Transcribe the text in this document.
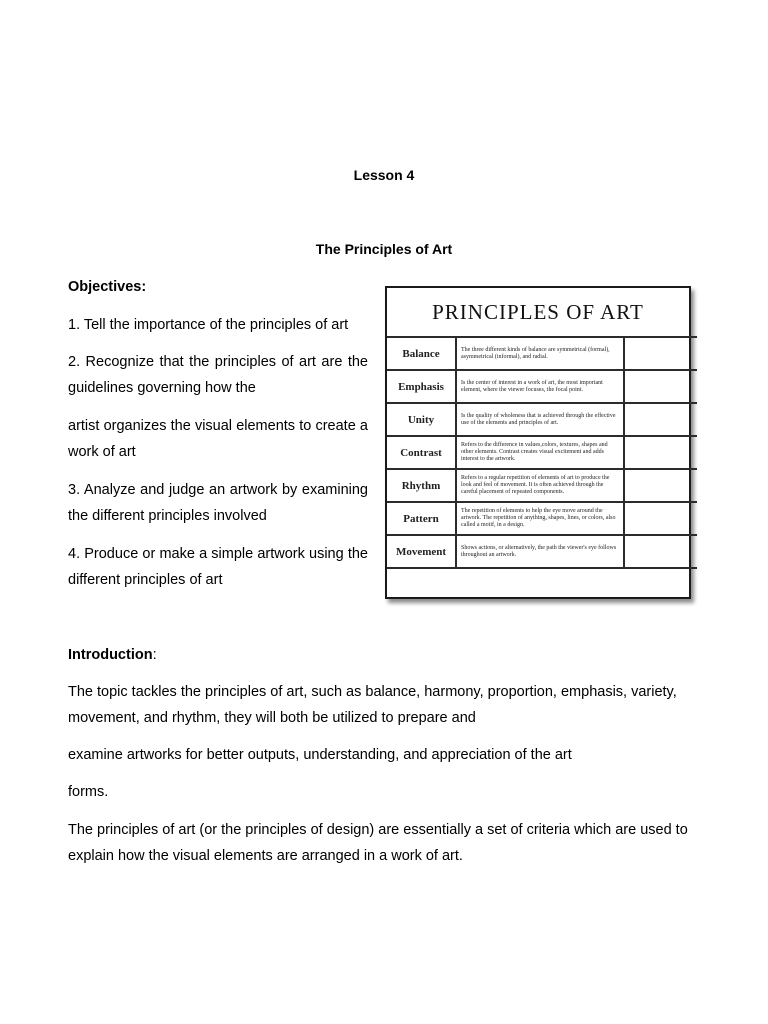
Lesson 4
The Principles of Art
Objectives:
1. Tell the importance of the principles of art
2. Recognize that the principles of art are the guidelines governing how the
artist organizes the visual elements to create a work of art
3. Analyze and judge an artwork by examining the different principles involved
4. Produce or make a simple artwork using the different principles of art
PRINCIPLES OF ART
Balance	The three different kinds of balance are symmetrical (formal), asymmetrical (informal), and radial.	
Emphasis	Is the center of interest in a work of art, the most important element, where the viewer focuses, the focal point.	
Unity	Is the quality of wholeness that is achieved through the effective use of the elements and principles of art.	
Contrast	Refers to the difference in values,colors, textures, shapes and other elements. Contrast creates visual excitement and adds interest to the artwork.	
Rhythm	Refers to a regular repetition of elements of art to produce the look and feel of movement. It is often achieved through the careful placement of repeated components.	
Pattern	The repetition of elements to help the eye move around the artwork. The repetition of anything, shapes, lines, or colors, also called a motif, in a design.	
Movement	Shows actions, or alternatively, the path the viewer's eye follows throughout an artwork.	
Introduction:
The topic tackles the principles of art, such as balance, harmony, proportion, emphasis, variety, movement, and rhythm, they will both be utilized to prepare and
examine artworks for better outputs, understanding, and appreciation of the art
forms.
The principles of art (or the principles of design) are essentially a set of criteria which are used to explain how the visual elements are arranged in a work of art.
